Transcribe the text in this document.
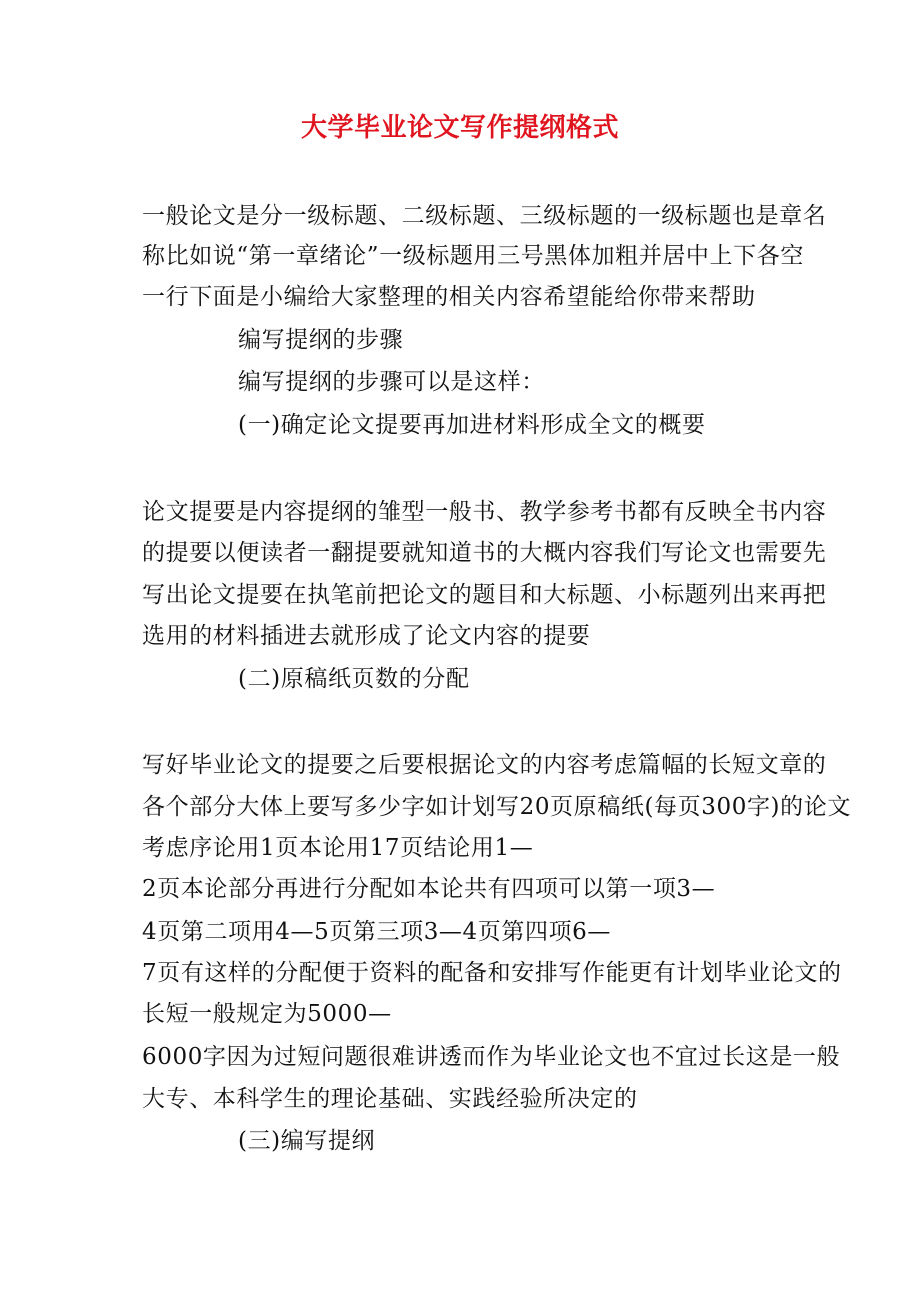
大学毕业论文写作提纲格式
一般论文是分一级标题、二级标题、三级标题的一级标题也是章名
称比如说“第一章绪论”一级标题用三号黑体加粗并居中上下各空
一行下面是小编给大家整理的相关内容希望能给你带来帮助
编写提纲的步骤
编写提纲的步骤可以是这样：
(一)确定论文提要再加进材料形成全文的概要
论文提要是内容提纲的雏型一般书、教学参考书都有反映全书内容
的提要以便读者一翻提要就知道书的大概内容我们写论文也需要先
写出论文提要在执笔前把论文的题目和大标题、小标题列出来再把
选用的材料插进去就形成了论文内容的提要
(二)原稿纸页数的分配
写好毕业论文的提要之后要根据论文的内容考虑篇幅的长短文章的
各个部分大体上要写多少字如计划写20页原稿纸(每页300字)的论文
考虑序论用1页本论用17页结论用1—
2页本论部分再进行分配如本论共有四项可以第一项3—
4页第二项用4—5页第三项3—4页第四项6—
7页有这样的分配便于资料的配备和安排写作能更有计划毕业论文的
长短一般规定为5000—
6000字因为过短问题很难讲透而作为毕业论文也不宜过长这是一般
大专、本科学生的理论基础、实践经验所决定的
(三)编写提纲
